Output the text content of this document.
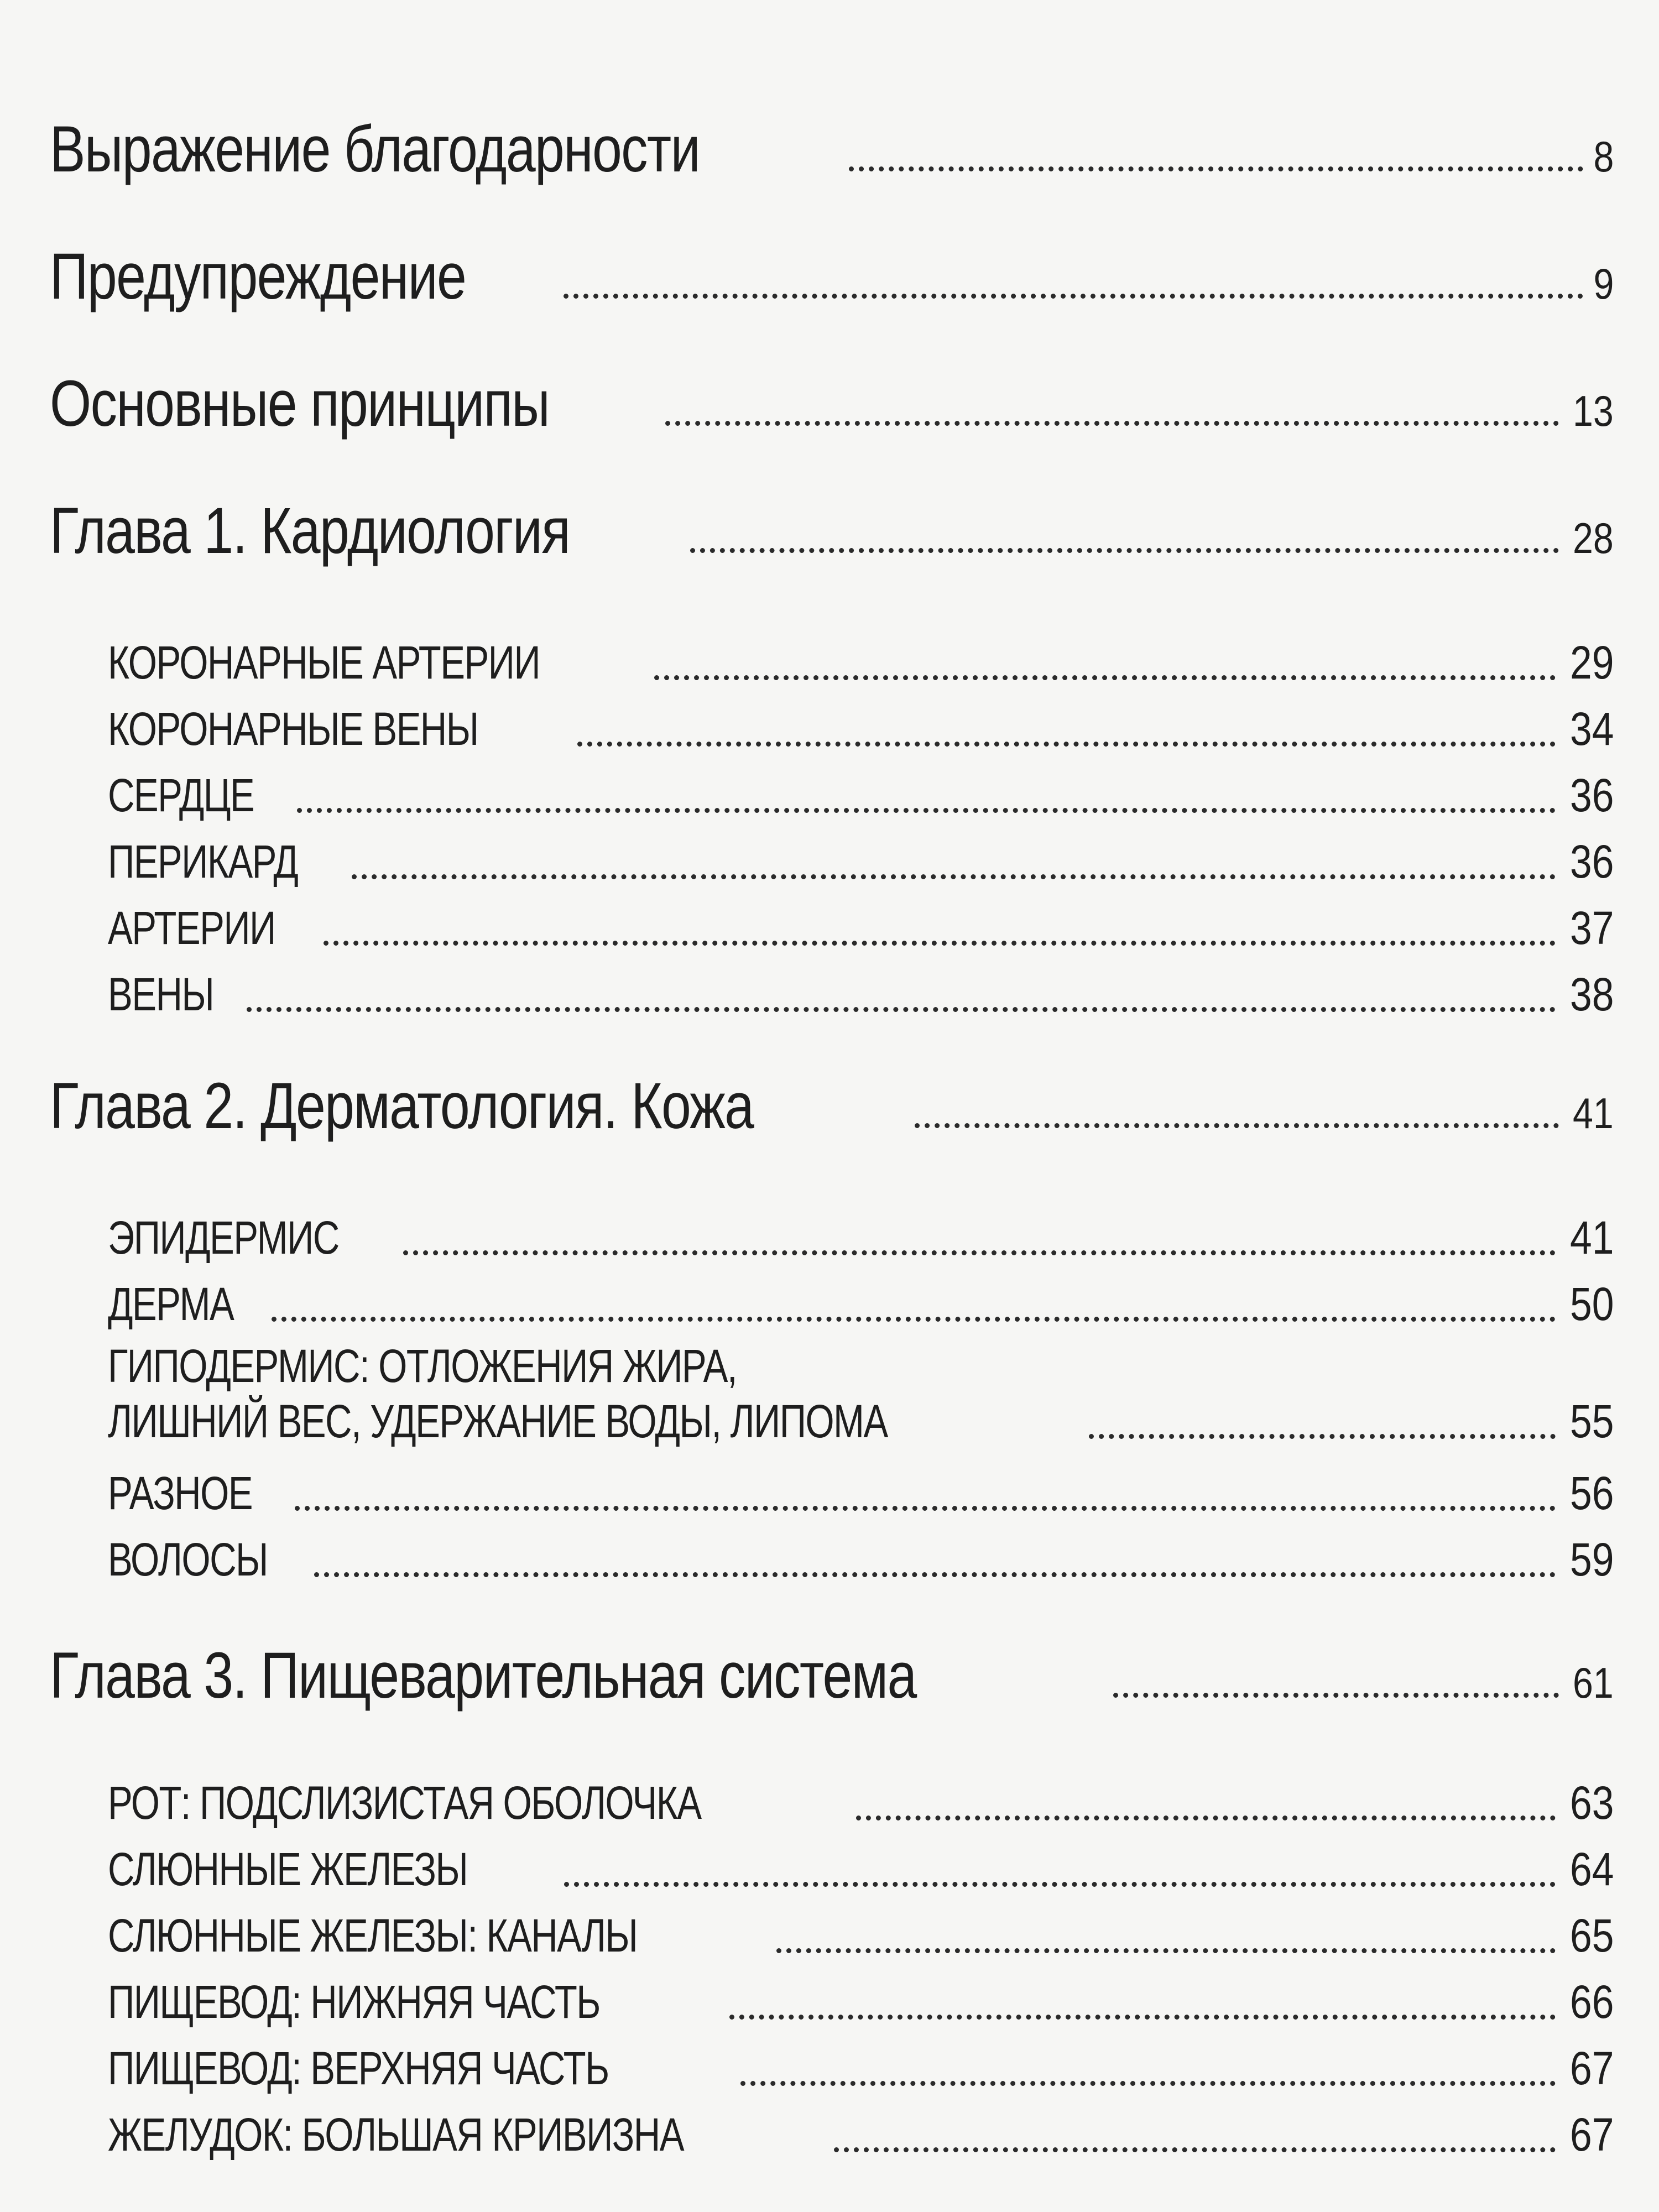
Выражение благодарности	8
Предупреждение	9
Основные принципы	13
Глава 1. Кардиология	28
КОРОНАРНЫЕ АРТЕРИИ	29
КОРОНАРНЫЕ ВЕНЫ	34
СЕРДЦЕ	36
ПЕРИКАРД	36
АРТЕРИИ	37
ВЕНЫ	38
Глава 2. Дерматология. Кожа	41
ЭПИДЕРМИС	41
ДЕРМА	50
ГИПОДЕРМИС: ОТЛОЖЕНИЯ ЖИРА,
ЛИШНИЙ ВЕС, УДЕРЖАНИЕ ВОДЫ, ЛИПОМА	55
РАЗНОЕ	56
ВОЛОСЫ	59
Глава 3. Пищеварительная система	61
РОТ: ПОДСЛИЗИСТАЯ ОБОЛОЧКА	63
СЛЮННЫЕ ЖЕЛЕЗЫ	64
СЛЮННЫЕ ЖЕЛЕЗЫ: КАНАЛЫ	65
ПИЩЕВОД: НИЖНЯЯ ЧАСТЬ	66
ПИЩЕВОД: ВЕРХНЯЯ ЧАСТЬ	67
ЖЕЛУДОК: БОЛЬШАЯ КРИВИЗНА	67
